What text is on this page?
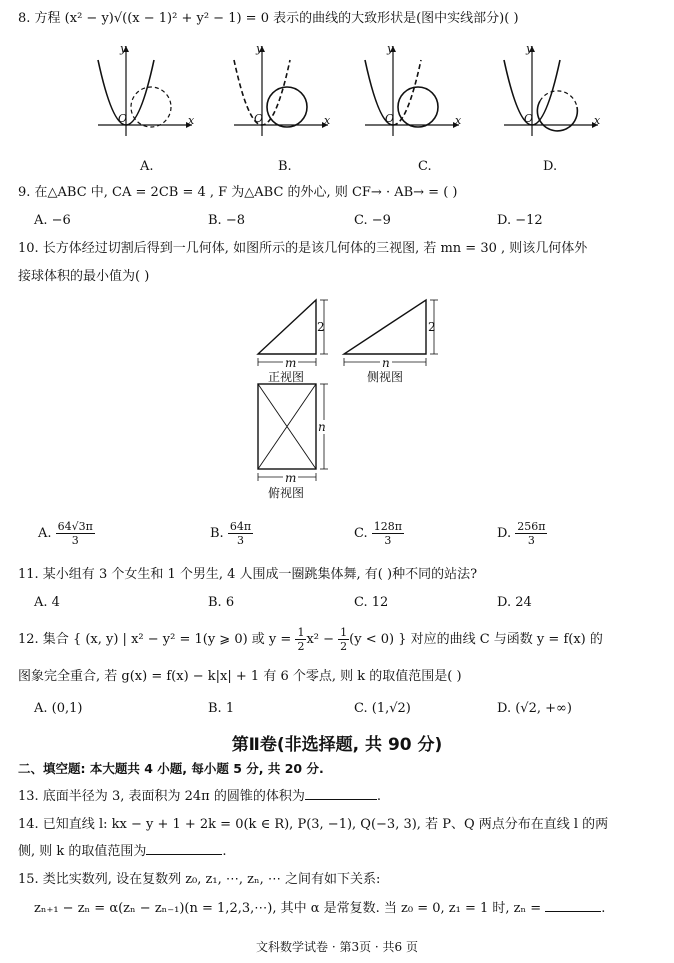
8. 方程 (x² − y)√((x − 1)² + y² − 1) = 0 表示的曲线的大致形状是(图中实线部分)( )
y
O	x
y
O	x
y
O	x
y
O	x
A.	B.	C.	D.
9. 在△ABC 中, CA = 2CB = 4 , F 为△ABC 的外心, 则 CF→ · AB→ = ( )
A. −6	B. −8	C. −9	D. −12
10. 长方体经过切割后得到一几何体, 如图所示的是该几何体的三视图, 若 mn = 30 , 则该几何体外
接球体积的最小值为( )
m
2
正视图
n
2
侧视图
n
m
俯视图
A. $\frac{64√3\pi}{3}$	B. $\frac{64\pi}{3}$	C. $\frac{128\pi}{3}$	D. $\frac{256\pi}{3}$
11. 某小组有 3 个女生和 1 个男生, 4 人围成一圈跳集体舞, 有( )种不同的站法?
A. 4	B. 6	C. 12	D. 24
12. 集合 { (x, y) | x² − y² = 1(y ⩾ 0) 或 $y = \frac{1}{2} x^2 - \frac{1}{2} (y < 0)$ } 对应的曲线 C 与函数 y = f(x) 的
图象完全重合, 若 g(x) = f(x) − k|x| + 1 有 6 个零点, 则 k 的取值范围是( )
A. (0,1)	B. 1	C. (1,√2)	D. (√2, +∞)
第Ⅱ卷(非选择题, 共 90 分)
二、填空题: 本大题共 4 小题, 每小题 5 分, 共 20 分.
13. 底面半径为 3, 表面积为 24π 的圆锥的体积为	.
14. 已知直线 l: kx − y + 1 + 2k = 0(k ∈ R), P(3, −1), Q(−3, 3), 若 P、Q 两点分布在直线 l 的两
侧, 则 k 的取值范围为	.
15. 类比实数列, 设在复数列 z₀, z₁, ⋯, zₙ, ⋯ 之间有如下关系:
zₙ₊₁ − zₙ = α(zₙ − zₙ₋₁)(n = 1,2,3,⋯), 其中 α 是常复数. 当 z₀ = 0, z₁ = 1 时, zₙ =	.
文科数学试卷 · 第3页 · 共6 页
